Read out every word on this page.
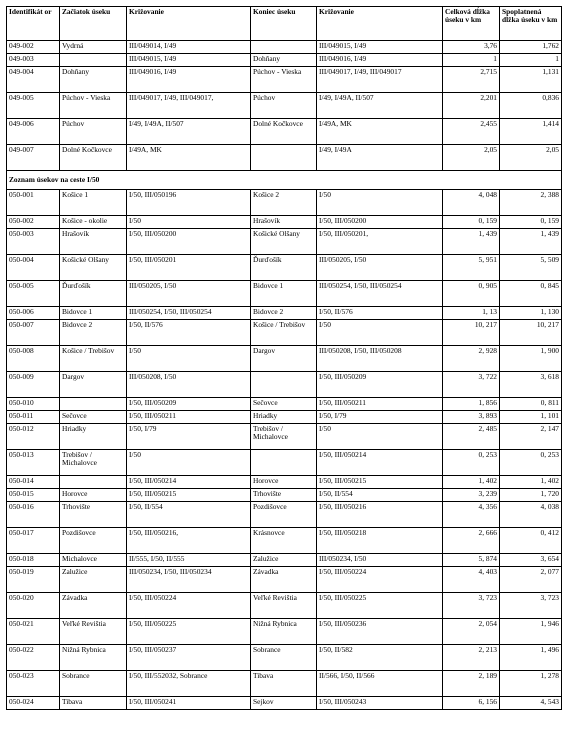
Identifikát or	Začiatok úseku	Križovanie	Koniec úseku	Križovanie	Celková dĺžka úseku v km	Spoplatnená dĺžka úseku v km
049-002	Vydrná	III/049014, I/49		III/049015, I/49	3,76	1,762
049-003		III/049015, I/49	Dohňany	III/049016, I/49	1	1
049-004	Dohňany	III/049016, I/49	Púchov - Vieska	III/049017, I/49, III/049017	2,715	1,131
049-005	Púchov - Vieska	III/049017, I/49, III/049017,	Púchov	I/49, I/49A, II/507	2,201	0,836
049-006	Púchov	I/49, I/49A, II/507	Dolné Kočkovce	I/49A, MK	2,455	1,414
049-007	Dolné Kočkovce	I/49A, MK		I/49, I/49A	2,05	2,05
Zoznam úsekov na ceste I/50						
050-001	Košice 1	I/50, III/050196	Košice 2	I/50	4, 048	2, 388
050-002	Košice - okolie	I/50	Hrašovík	I/50, III/050200	0, 159	0, 159
050-003	Hrašovík	I/50, III/050200	Košické Olšany	I/50, III/050201,	1, 439	1, 439
050-004	Košické Olšany	I/50, III/050201	Ďurďošík	III/050205, I/50	5, 951	5, 509
050-005	Ďurďošík	III/050205, I/50	Bidovce 1	III/050254, I/50, III/050254	0, 905	0, 845
050-006	Bidovce 1	III/050254, I/50, III/050254	Bidovce 2	I/50, II/576	1, 13	1, 130
050-007	Bidovce 2	I/50, II/576	Košice / Trebišov	I/50	10, 217	10, 217
050-008	Košice / Trebišov	I/50	Dargov	III/050208, I/50, III/050208	2, 928	1, 900
050-009	Dargov	III/050208, I/50		I/50, III/050209	3, 722	3, 618
050-010		I/50, III/050209	Sečovce	I/50, III/050211	1, 856	0, 811
050-011	Sečovce	I/50, III/050211	Hriadky	I/50, I/79	3, 893	1, 101
050-012	Hriadky	I/50, I/79	Trebišov / Michalovce	I/50	2, 485	2, 147
050-013	Trebišov / Michalovce	I/50		I/50, III/050214	0, 253	0, 253
050-014		I/50, III/050214	Horovce	I/50, III/050215	1, 402	1, 402
050-015	Horovce	I/50, III/050215	Trhovište	I/50, II/554	3, 239	1, 720
050-016	Trhovište	I/50, II/554	Pozdišovce	I/50, III/050216	4, 356	4, 038
050-017	Pozdišovce	I/50, III/050216,	Krásnovce	I/50, III/050218	2, 666	0, 412
050-018	Michalovce	II/555, I/50, II/555	Zalužice	III/050234, I/50	5, 874	3, 654
050-019	Zalužice	III/050234, I/50, III/050234	Závadka	I/50, III/050224	4, 403	2, 077
050-020	Závadka	I/50, III/050224	Veľké Revištia	I/50, III/050225	3, 723	3, 723
050-021	Veľké Revištia	I/50, III/050225	Nižná Rybnica	I/50, III/050236	2, 054	1, 946
050-022	Nižná Rybnica	I/50, III/050237	Sobrance	I/50, II/582	2, 213	1, 496
050-023	Sobrance	I/50, III/552032, Sobrance	Tibava	II/566, I/50, II/566	2, 189	1, 278
050-024	Tibava	I/50, III/050241	Sejkov	I/50, III/050243	6, 156	4, 543
